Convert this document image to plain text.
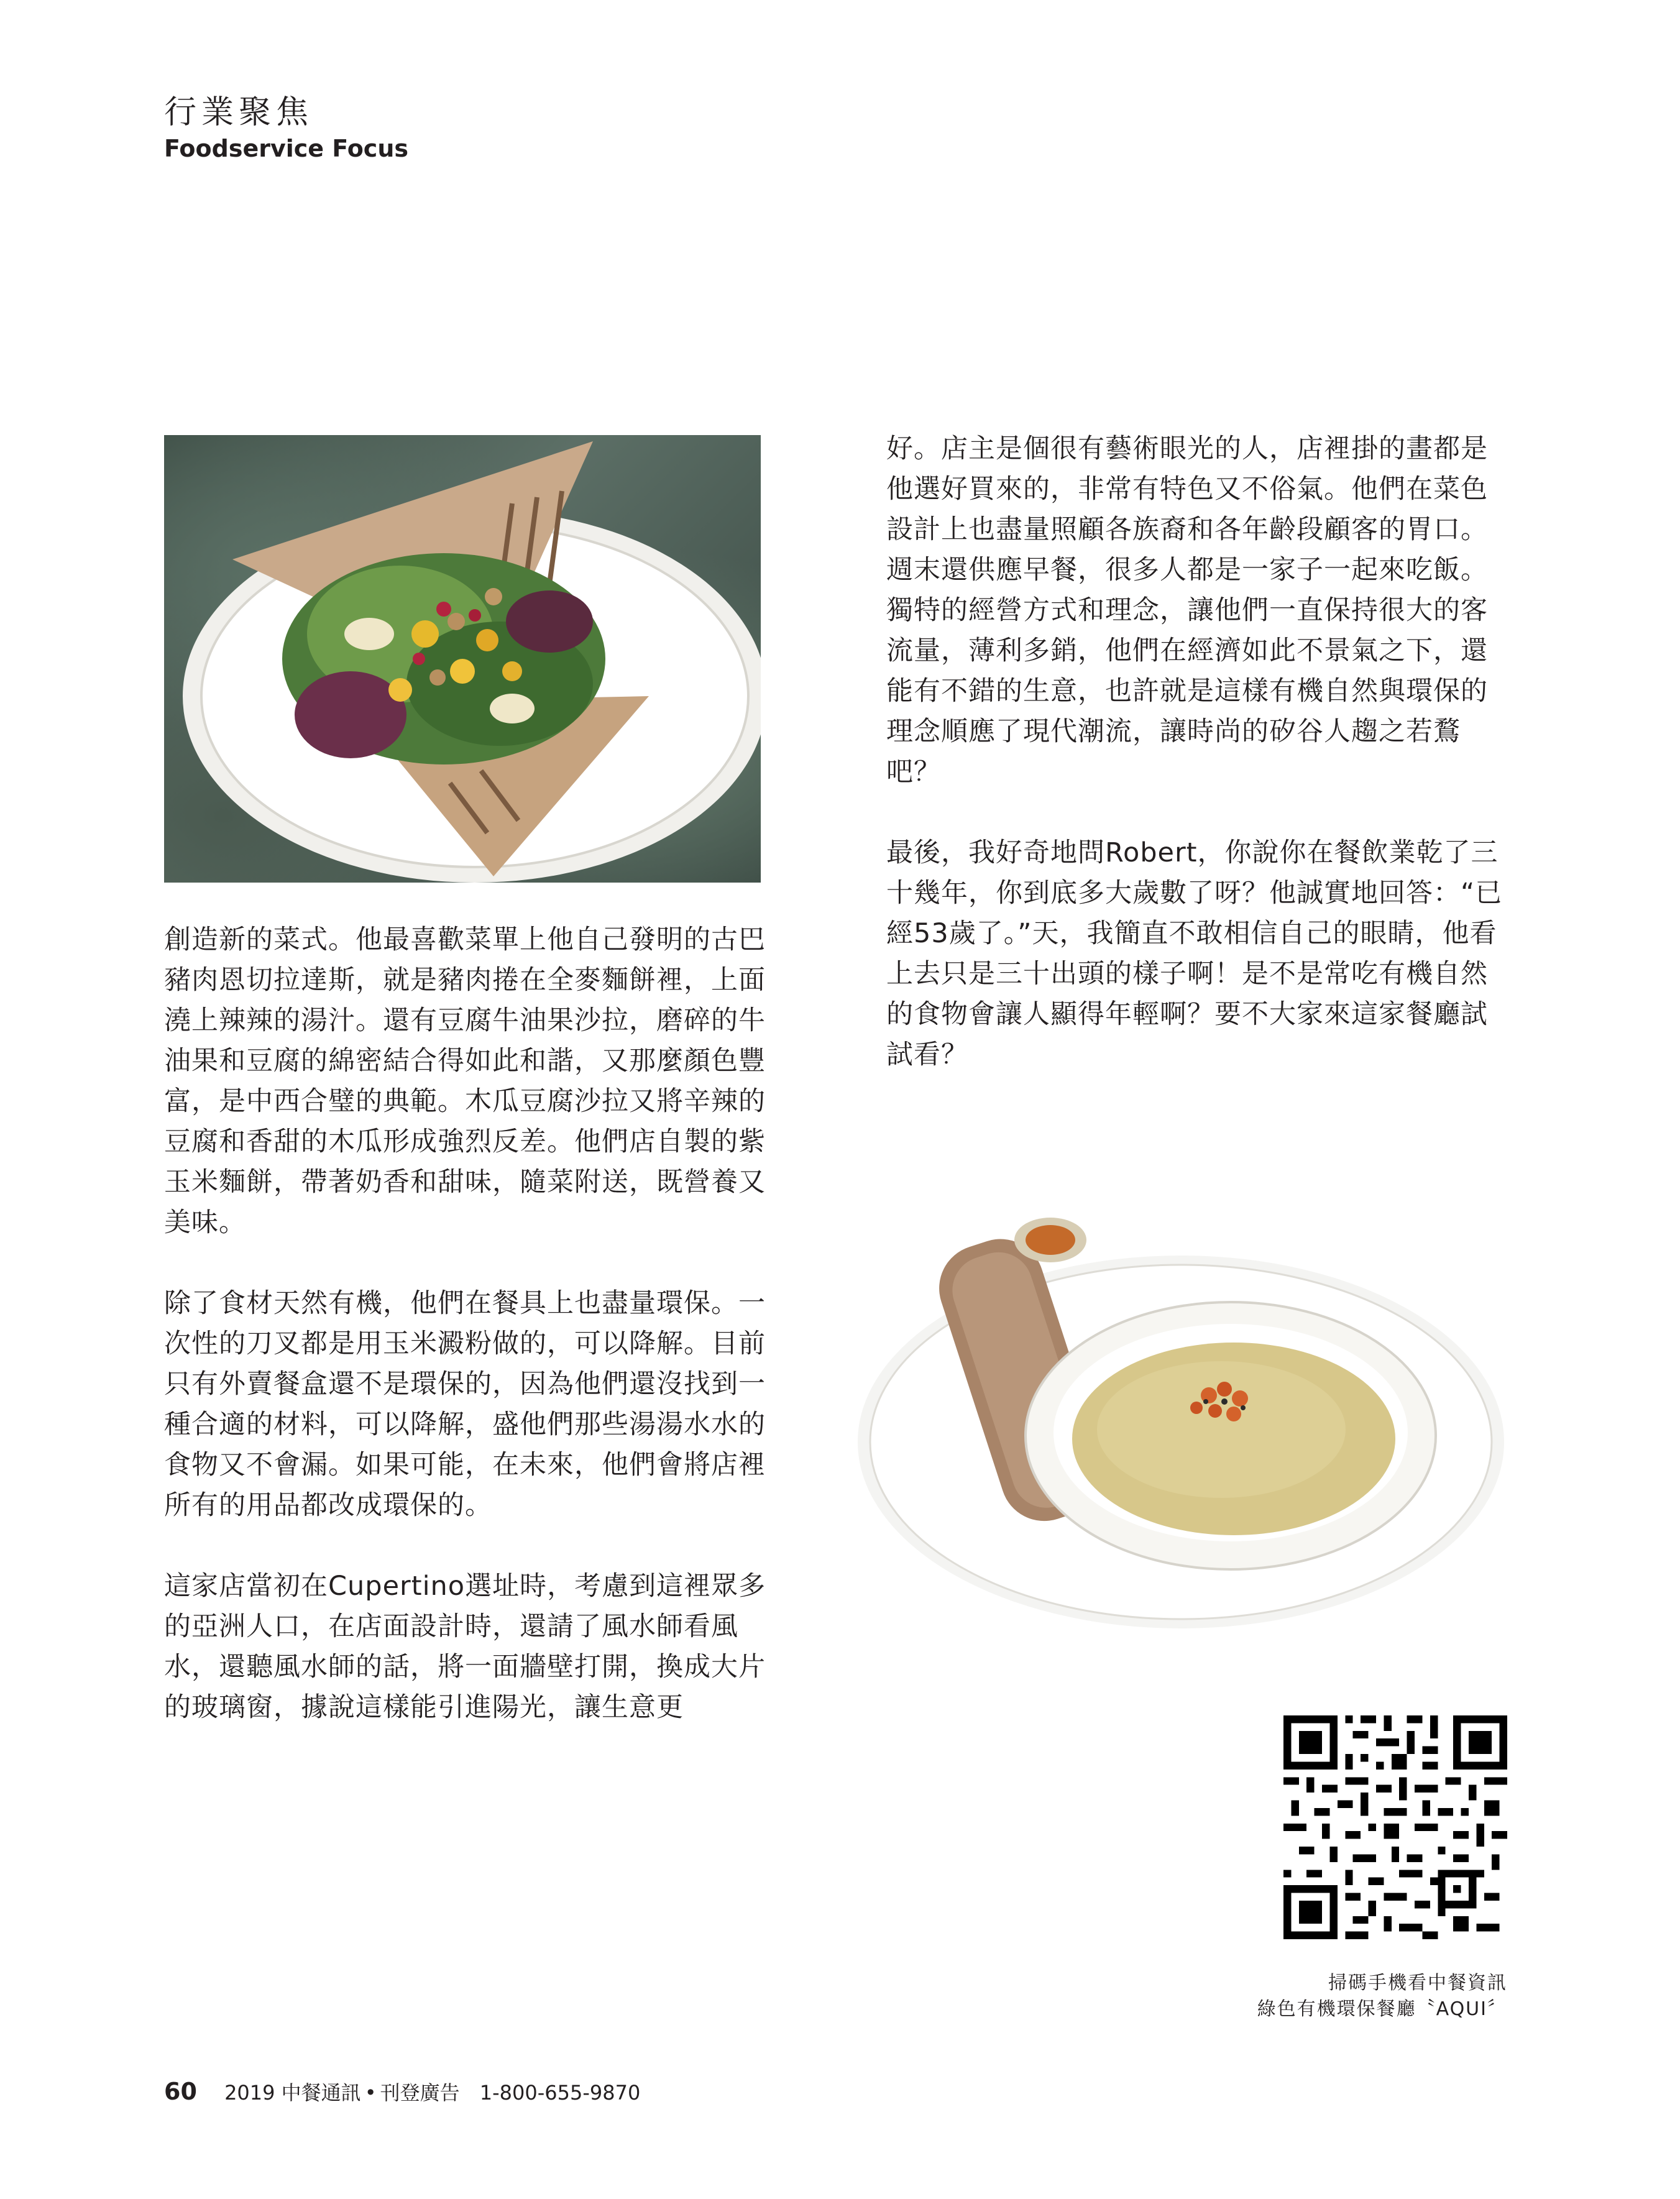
行業聚焦
Foodservice Focus

創造新的菜式。他最喜歡菜單上他自己發明的古巴豬肉恩切拉達斯，就是豬肉捲在全麥麵餅裡，上面澆上辣辣的湯汁。還有豆腐牛油果沙拉，磨碎的牛油果和豆腐的綿密結合得如此和諧，又那麼顏色豐富，是中西合璧的典範。木瓜豆腐沙拉又將辛辣的豆腐和香甜的木瓜形成強烈反差。他們店自製的紫玉米麵餅，帶著奶香和甜味，隨菜附送，既營養又美味。

除了食材天然有機，他們在餐具上也盡量環保。一次性的刀叉都是用玉米澱粉做的，可以降解。目前只有外賣餐盒還不是環保的，因為他們還沒找到一種合適的材料，可以降解，盛他們那些湯湯水水的食物又不會漏。如果可能，在未來，他們會將店裡所有的用品都改成環保的。

這家店當初在Cupertino選址時，考慮到這裡眾多的亞洲人口，在店面設計時，還請了風水師看風水，還聽風水師的話，將一面牆壁打開，換成大片的玻璃窗，據說這樣能引進陽光，讓生意更

好。店主是個很有藝術眼光的人，店裡掛的畫都是他選好買來的，非常有特色又不俗氣。他們在菜色設計上也盡量照顧各族裔和各年齡段顧客的胃口。週末還供應早餐，很多人都是一家子一起來吃飯。獨特的經營方式和理念，讓他們一直保持很大的客流量，薄利多銷，他們在經濟如此不景氣之下，還能有不錯的生意，也許就是這樣有機自然與環保的理念順應了現代潮流，讓時尚的矽谷人趨之若鶩吧？

最後，我好奇地問Robert，你說你在餐飲業乾了三十幾年，你到底多大歲數了呀？他誠實地回答：“已經53歲了。”天，我簡直不敢相信自己的眼睛，他看上去只是三十出頭的樣子啊！是不是常吃有機自然的食物會讓人顯得年輕啊？要不大家來這家餐廳試試看？

掃碼手機看中餐資訊
綠色有機環保餐廳〝AQUI〞
60 2019 中餐通訊 • 刊登廣告 1-800-655-9870
